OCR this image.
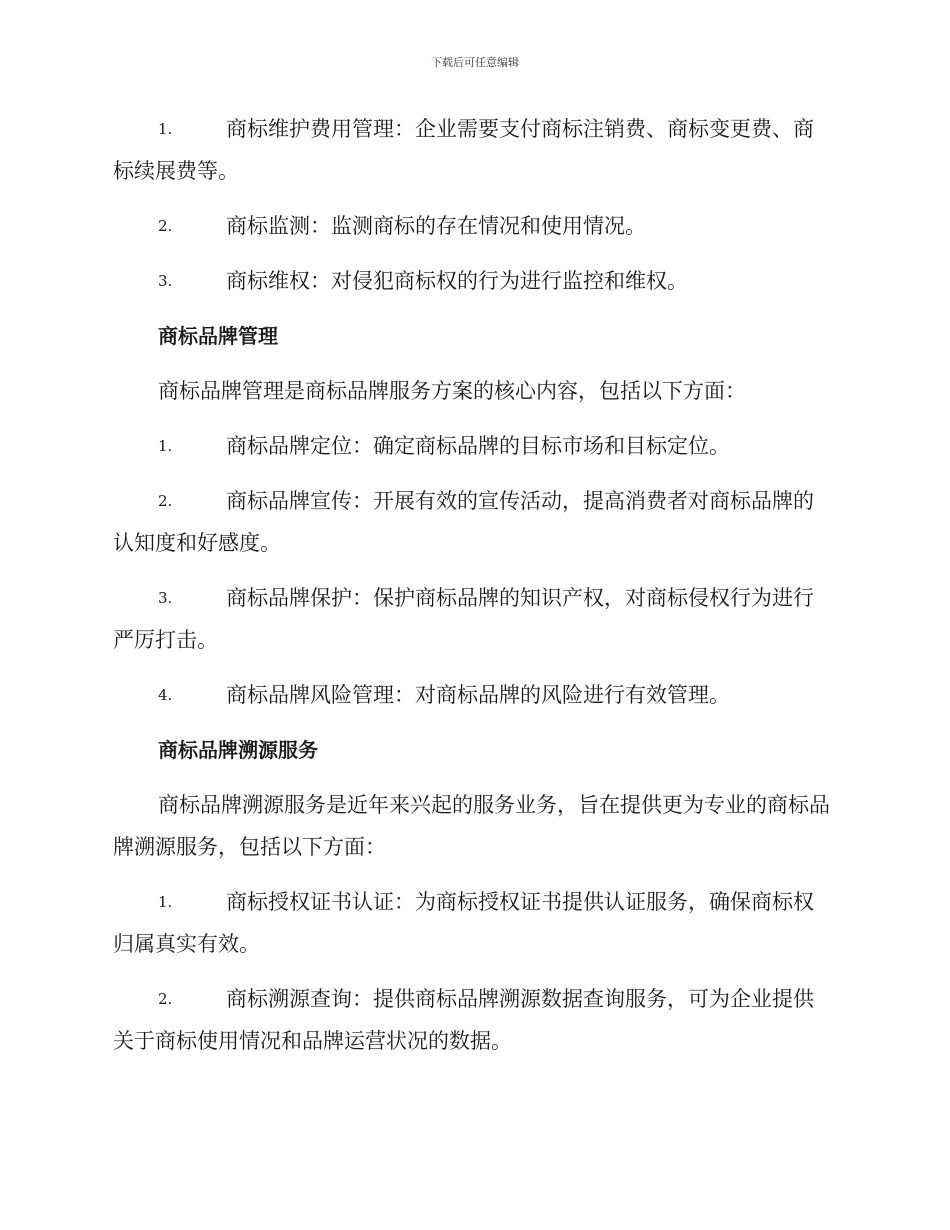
下载后可任意编辑

1.	商标维护费用管理：企业需要支付商标注销费、商标变更费、商标续展费等。

2.	商标监测：监测商标的存在情况和使用情况。

3.	商标维权：对侵犯商标权的行为进行监控和维权。

商标品牌管理

商标品牌管理是商标品牌服务方案的核心内容，包括以下方面：

1.	商标品牌定位：确定商标品牌的目标市场和目标定位。

2.	商标品牌宣传：开展有效的宣传活动，提高消费者对商标品牌的认知度和好感度。

3.	商标品牌保护：保护商标品牌的知识产权，对商标侵权行为进行严厉打击。

4.	商标品牌风险管理：对商标品牌的风险进行有效管理。

商标品牌溯源服务

商标品牌溯源服务是近年来兴起的服务业务，旨在提供更为专业的商标品牌溯源服务，包括以下方面：

1.	商标授权证书认证：为商标授权证书提供认证服务，确保商标权归属真实有效。

2.	商标溯源查询：提供商标品牌溯源数据查询服务，可为企业提供关于商标使用情况和品牌运营状况的数据。
